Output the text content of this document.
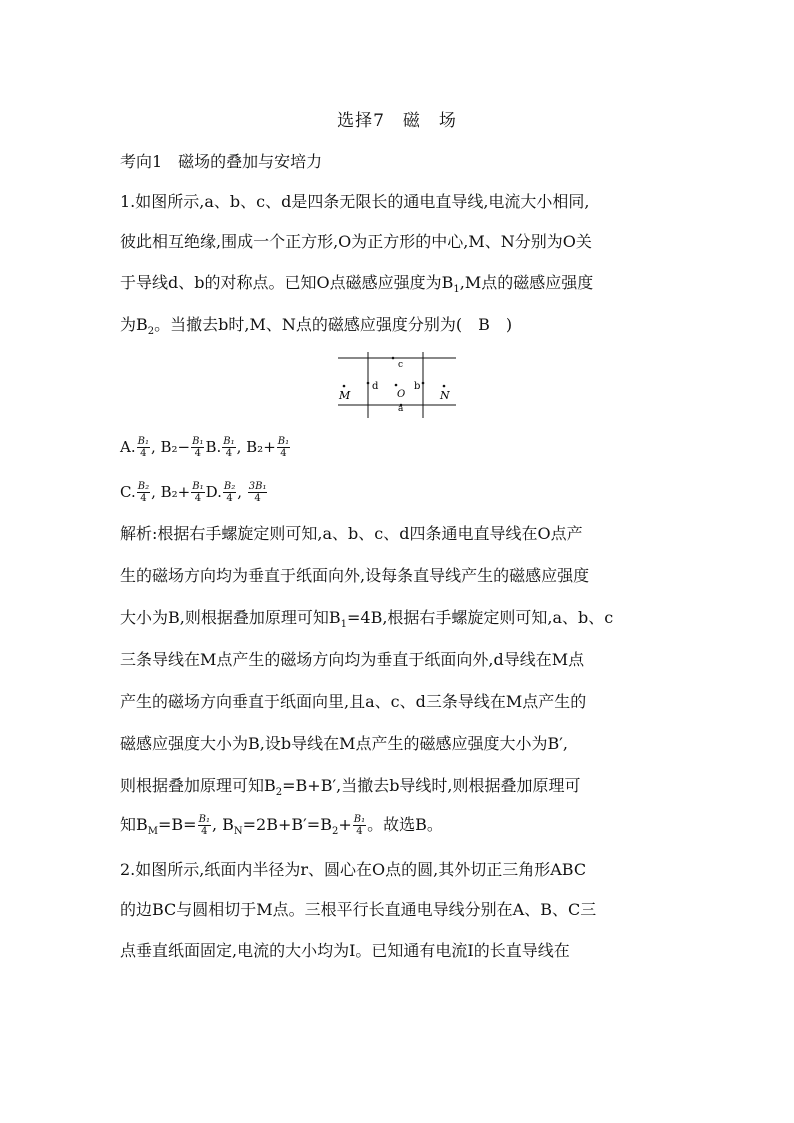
选择7　磁　场
考向1　磁场的叠加与安培力
1.如图所示,a、b、c、d是四条无限长的通电直导线,电流大小相同,
彼此相互绝缘,围成一个正方形,O为正方形的中心,M、N分别为O关
于导线d、b的对称点。已知O点磁感应强度为$B_1,M$点的磁感应强度
为$B_2$。当撤去b时,M、N点的磁感应强度分别为(　B　)
c
d
O
b
a
M	N
A. $\frac{\text{B₁}}{4}$ , $B_2- \frac{\text{B₁}}{4} B$. $\frac{\text{B₁}}{4}$ , $B_2+ \frac{\text{B₁}}{4}$
C. $\frac{\text{B₂}}{4}$ , $B_2+ \frac{\text{B₁}}{4} D$. $\frac{\text{B₂}}{4}$ , $\frac{\text{3B₁}}{4}$
解析:根据右手螺旋定则可知,a、b、c、d四条通电直导线在O点产
生的磁场方向均为垂直于纸面向外,设每条直导线产生的磁感应强度
大小为B,则根据叠加原理可知$B_1=4B$,根据右手螺旋定则可知,a、b、c
三条导线在M点产生的磁场方向均为垂直于纸面向外,d导线在M点
产生的磁场方向垂直于纸面向里,且a、c、d三条导线在M点产生的
磁感应强度大小为B,设b导线在M点产生的磁感应强度大小为B′,
则根据叠加原理可知$B_2=B+B'$,当撤去b导线时,则根据叠加原理可
知$B_M=B= \frac{\text{B₁}}{4}$ , $B_N=2B+B'=B_2+ \frac{\text{B₁}}{4}$ 。故选B。
2.如图所示,纸面内半径为r、圆心在O点的圆,其外切正三角形ABC
的边BC与圆相切于M点。三根平行长直通电导线分别在A、B、C三
点垂直纸面固定,电流的大小均为I。已知通有电流I的长直导线在
